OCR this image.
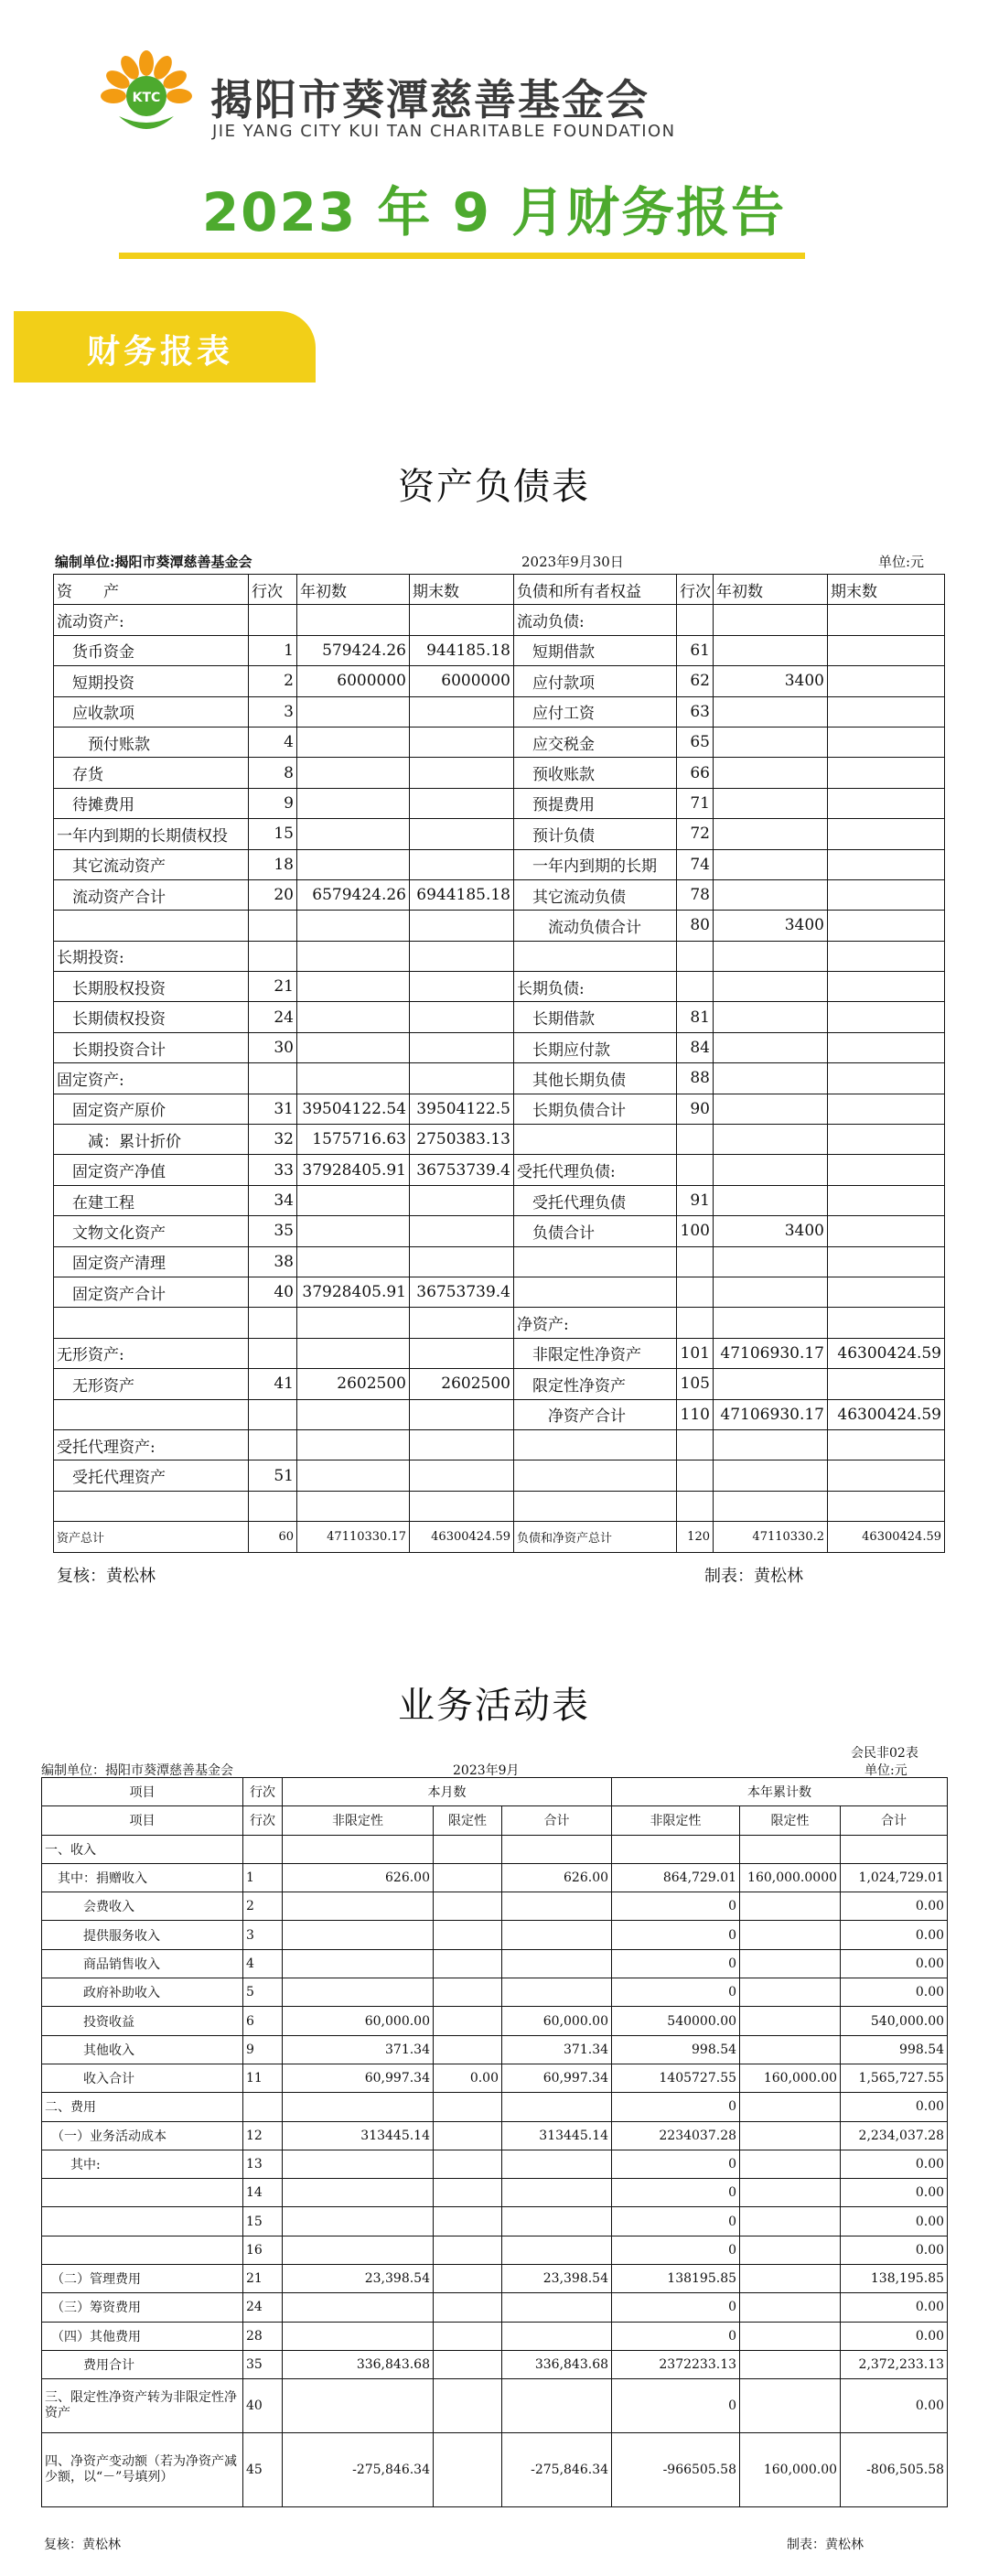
KTC 揭阳市葵潭慈善基金会
JIE YANG CITY KUI TAN CHARITABLE FOUNDATION
2023 年 9 月财务报告
财务报表
资产负债表
编制单位:揭阳市葵潭慈善基金会	2023年9月30日	单位:元
资　　产	行次	年初数	期末数	负债和所有者权益	行次	年初数	期末数
流动资产:				流动负债:			
　货币资金	1	579424.26	944185.18	　短期借款	61		
　短期投资	2	6000000	6000000	　应付款项	62	3400	
　应收款项	3			　应付工资	63		
　　预付账款	4			　应交税金	65		
　存货	8			　预收账款	66		
　待摊费用	9			　预提费用	71		
一年内到期的长期债权投	15			　预计负债	72		
　其它流动资产	18			　一年内到期的长期	74		
　流动资产合计	20	6579424.26	6944185.18	　其它流动负债	78		
				　　流动负债合计	80	3400	
长期投资:							
　长期股权投资	21			长期负债:			
　长期债权投资	24			　长期借款	81		
　长期投资合计	30			　长期应付款	84		
固定资产:				　其他长期负债	88		
　固定资产原价	31	39504122.54	39504122.5	　长期负债合计	90		
　　减：累计折价	32	1575716.63	2750383.13				
　固定资产净值	33	37928405.91	36753739.4	受托代理负债:			
　在建工程	34			　受托代理负债	91		
　文物文化资产	35			　负债合计	100	3400	
　固定资产清理	38						
　固定资产合计	40	37928405.91	36753739.4				
				净资产:			
无形资产:				　非限定性净资产	101	47106930.17	46300424.59
　无形资产	41	2602500	2602500	　限定性净资产	105		
				　　净资产合计	110	47106930.17	46300424.59
受托代理资产:							
　受托代理资产	51						

资产总计	60	47110330.17	46300424.59	负债和净资产总计	120	47110330.2	46300424.59
复核：黄松林	制表：黄松林
业务活动表
会民非02表
编制单位：揭阳市葵潭慈善基金会	2023年9月	单位:元
项目	行次	本月数			本年累计数		
项目	行次	非限定性	限定性	合计	非限定性	限定性	合计
一、收入							
　其中：捐赠收入	1	626.00		626.00	864,729.01	160,000.0000	1,024,729.01
　　　会费收入	2				0		0.00
　　　提供服务收入	3				0		0.00
　　　商品销售收入	4				0		0.00
　　　政府补助收入	5				0		0.00
　　　投资收益	6	60,000.00		60,000.00	540000.00		540,000.00
　　　其他收入	9	371.34		371.34	998.54		998.54
　　　收入合计	11	60,997.34	0.00	60,997.34	1405727.55	160,000.00	1,565,727.55
二、费用					0		0.00
　（一）业务活动成本	12	313445.14		313445.14	2234037.28		2,234,037.28
　　其中:	13				0		0.00
	14				0		0.00
	15				0		0.00
	16				0		0.00
　（二）管理费用	21	23,398.54		23,398.54	138195.85		138,195.85
　（三）筹资费用	24				0		0.00
　（四）其他费用	28				0		0.00
　　　费用合计	35	336,843.68		336,843.68	2372233.13		2,372,233.13
三、限定性净资产转为非限定性净资产	40				0		0.00
四、净资产变动额（若为净资产减少额，以“－”号填列）	45	-275,846.34		-275,846.34	-966505.58	160,000.00	-806,505.58
复核：黄松林	制表：黄松林
